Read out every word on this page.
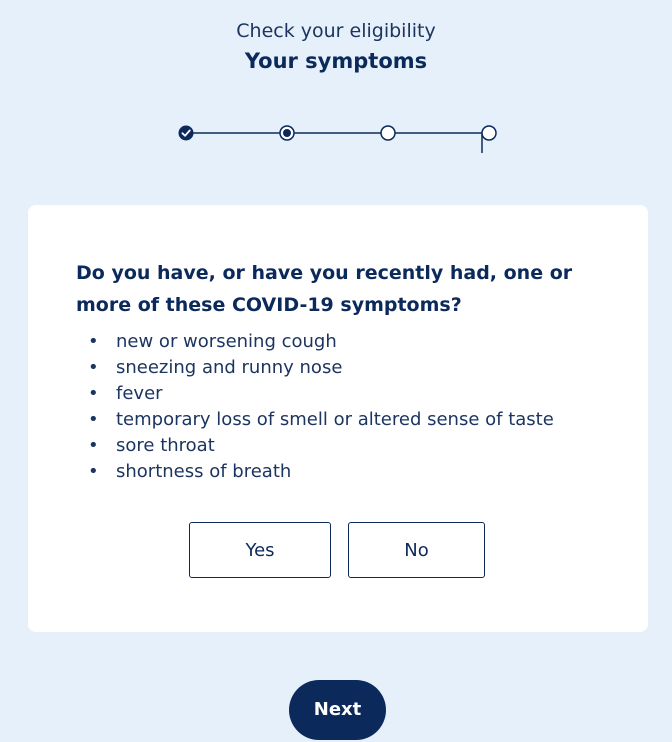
Check your eligibility

Your symptoms
Do you have, or have you recently had, one or more of these COVID-19 symptoms?
• new or worsening cough
• sneezing and runny nose
• fever
• temporary loss of smell or altered sense of taste
• sore throat
• shortness of breath
Yes	No
Next
